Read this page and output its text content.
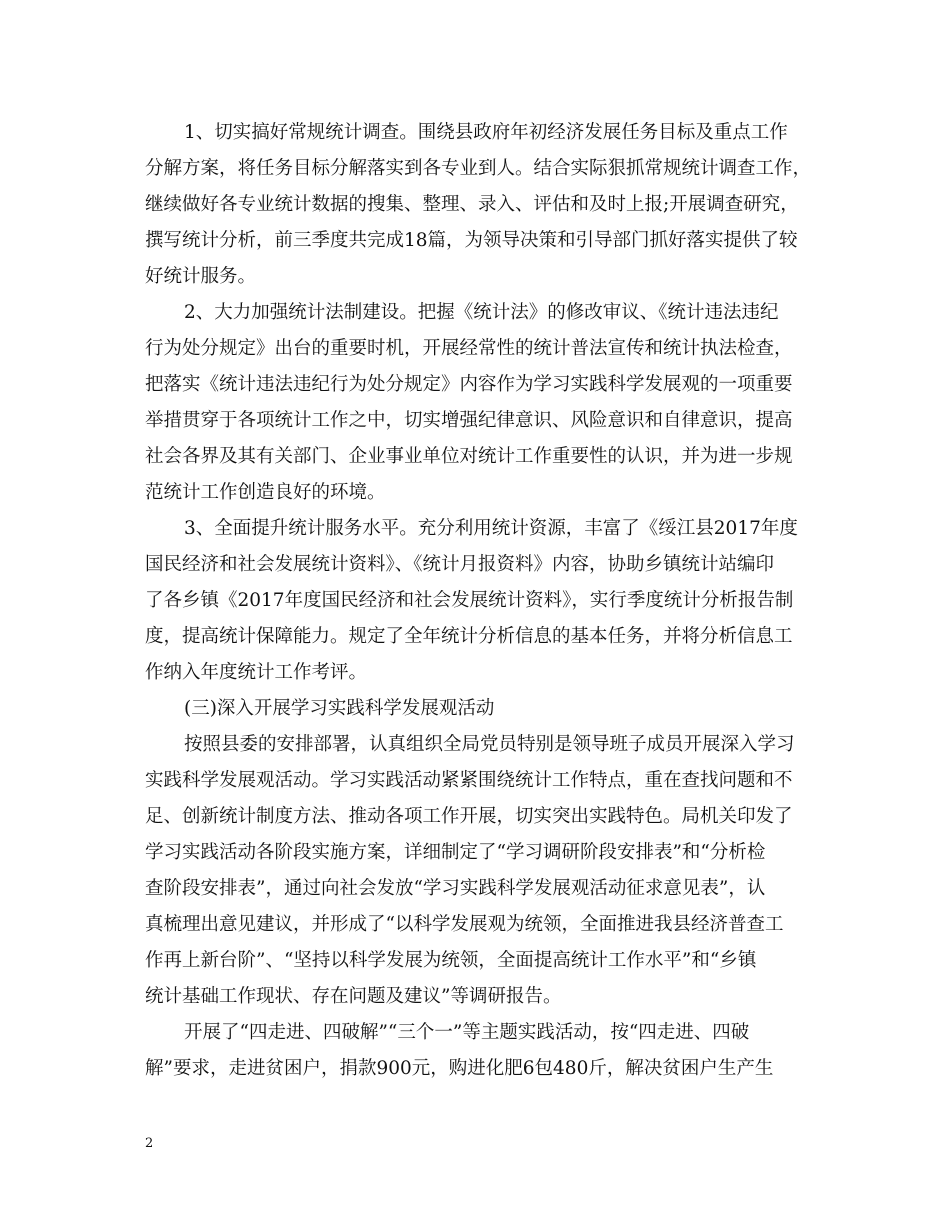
1、切实搞好常规统计调查。围绕县政府年初经济发展任务目标及重点工作
分解方案，将任务目标分解落实到各专业到人。结合实际狠抓常规统计调查工作，
继续做好各专业统计数据的搜集、整理、录入、评估和及时上报;开展调查研究，
撰写统计分析，前三季度共完成18篇，为领导决策和引导部门抓好落实提供了较
好统计服务。
2、大力加强统计法制建设。把握《统计法》的修改审议、《统计违法违纪
行为处分规定》出台的重要时机，开展经常性的统计普法宣传和统计执法检查，
把落实《统计违法违纪行为处分规定》内容作为学习实践科学发展观的一项重要
举措贯穿于各项统计工作之中，切实增强纪律意识、风险意识和自律意识，提高
社会各界及其有关部门、企业事业单位对统计工作重要性的认识，并为进一步规
范统计工作创造良好的环境。
3、全面提升统计服务水平。充分利用统计资源，丰富了《绥江县2017年度
国民经济和社会发展统计资料》、《统计月报资料》内容，协助乡镇统计站编印
了各乡镇《2017年度国民经济和社会发展统计资料》，实行季度统计分析报告制
度，提高统计保障能力。规定了全年统计分析信息的基本任务，并将分析信息工
作纳入年度统计工作考评。
(三)深入开展学习实践科学发展观活动
按照县委的安排部署，认真组织全局党员特别是领导班子成员开展深入学习
实践科学发展观活动。学习实践活动紧紧围绕统计工作特点，重在查找问题和不
足、创新统计制度方法、推动各项工作开展，切实突出实践特色。局机关印发了
学习实践活动各阶段实施方案，详细制定了“学习调研阶段安排表”和“分析检
查阶段安排表”，通过向社会发放“学习实践科学发展观活动征求意见表”，认
真梳理出意见建议，并形成了“以科学发展观为统领，全面推进我县经济普查工
作再上新台阶”、“坚持以科学发展为统领，全面提高统计工作水平”和“乡镇
统计基础工作现状、存在问题及建议”等调研报告。
开展了“四走进、四破解”“三个一”等主题实践活动，按“四走进、四破
解”要求，走进贫困户，捐款900元，购进化肥6包480斤，解决贫困户生产生
2
